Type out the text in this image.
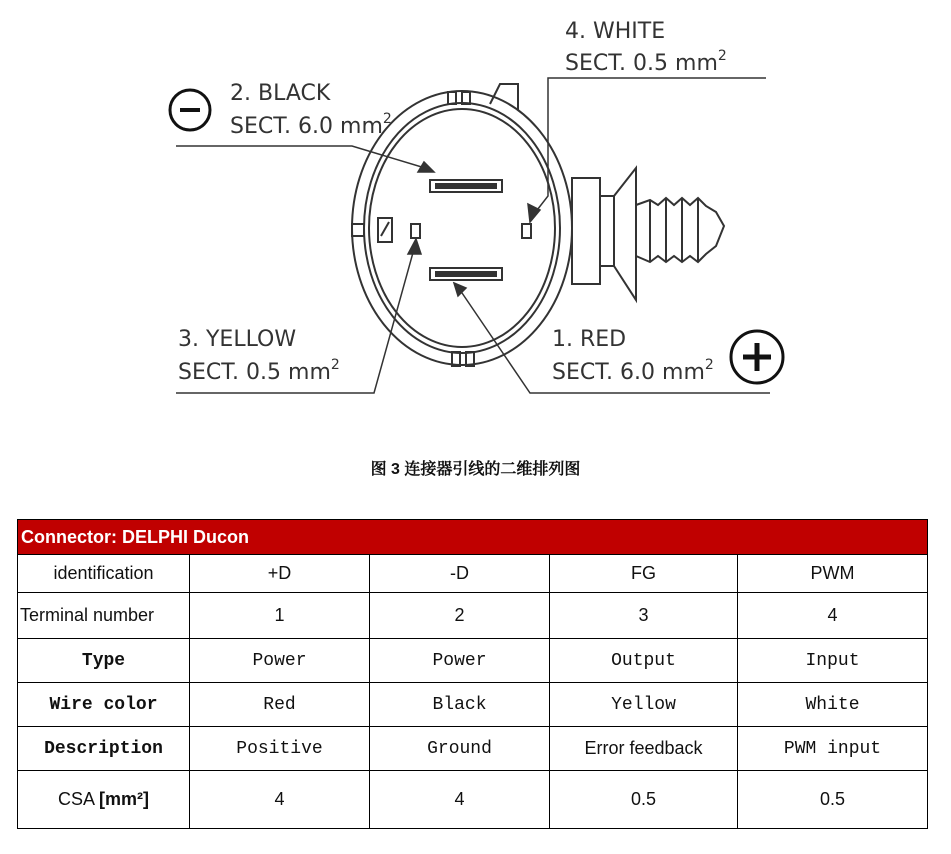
4. WHITE
SECT. 0.5 $mm^2$
2. BLACK
SECT. 6.0 $mm^2$
3. YELLOW
SECT. 0.5 $mm^2$
1. RED
SECT. 6.0 $mm^2$
图 3 连接器引线的二维排列图
Connector: DELPHI Ducon				
identification	+D	-D	FG	PWM
Terminal number	1	2	3	4
Type	Power	Power	Output	Input
Wire color	Red	Black	Yellow	White
Description	Positive	Ground	Error feedback	PWM input
CSA [mm²]	4	4	0.5	0.5
